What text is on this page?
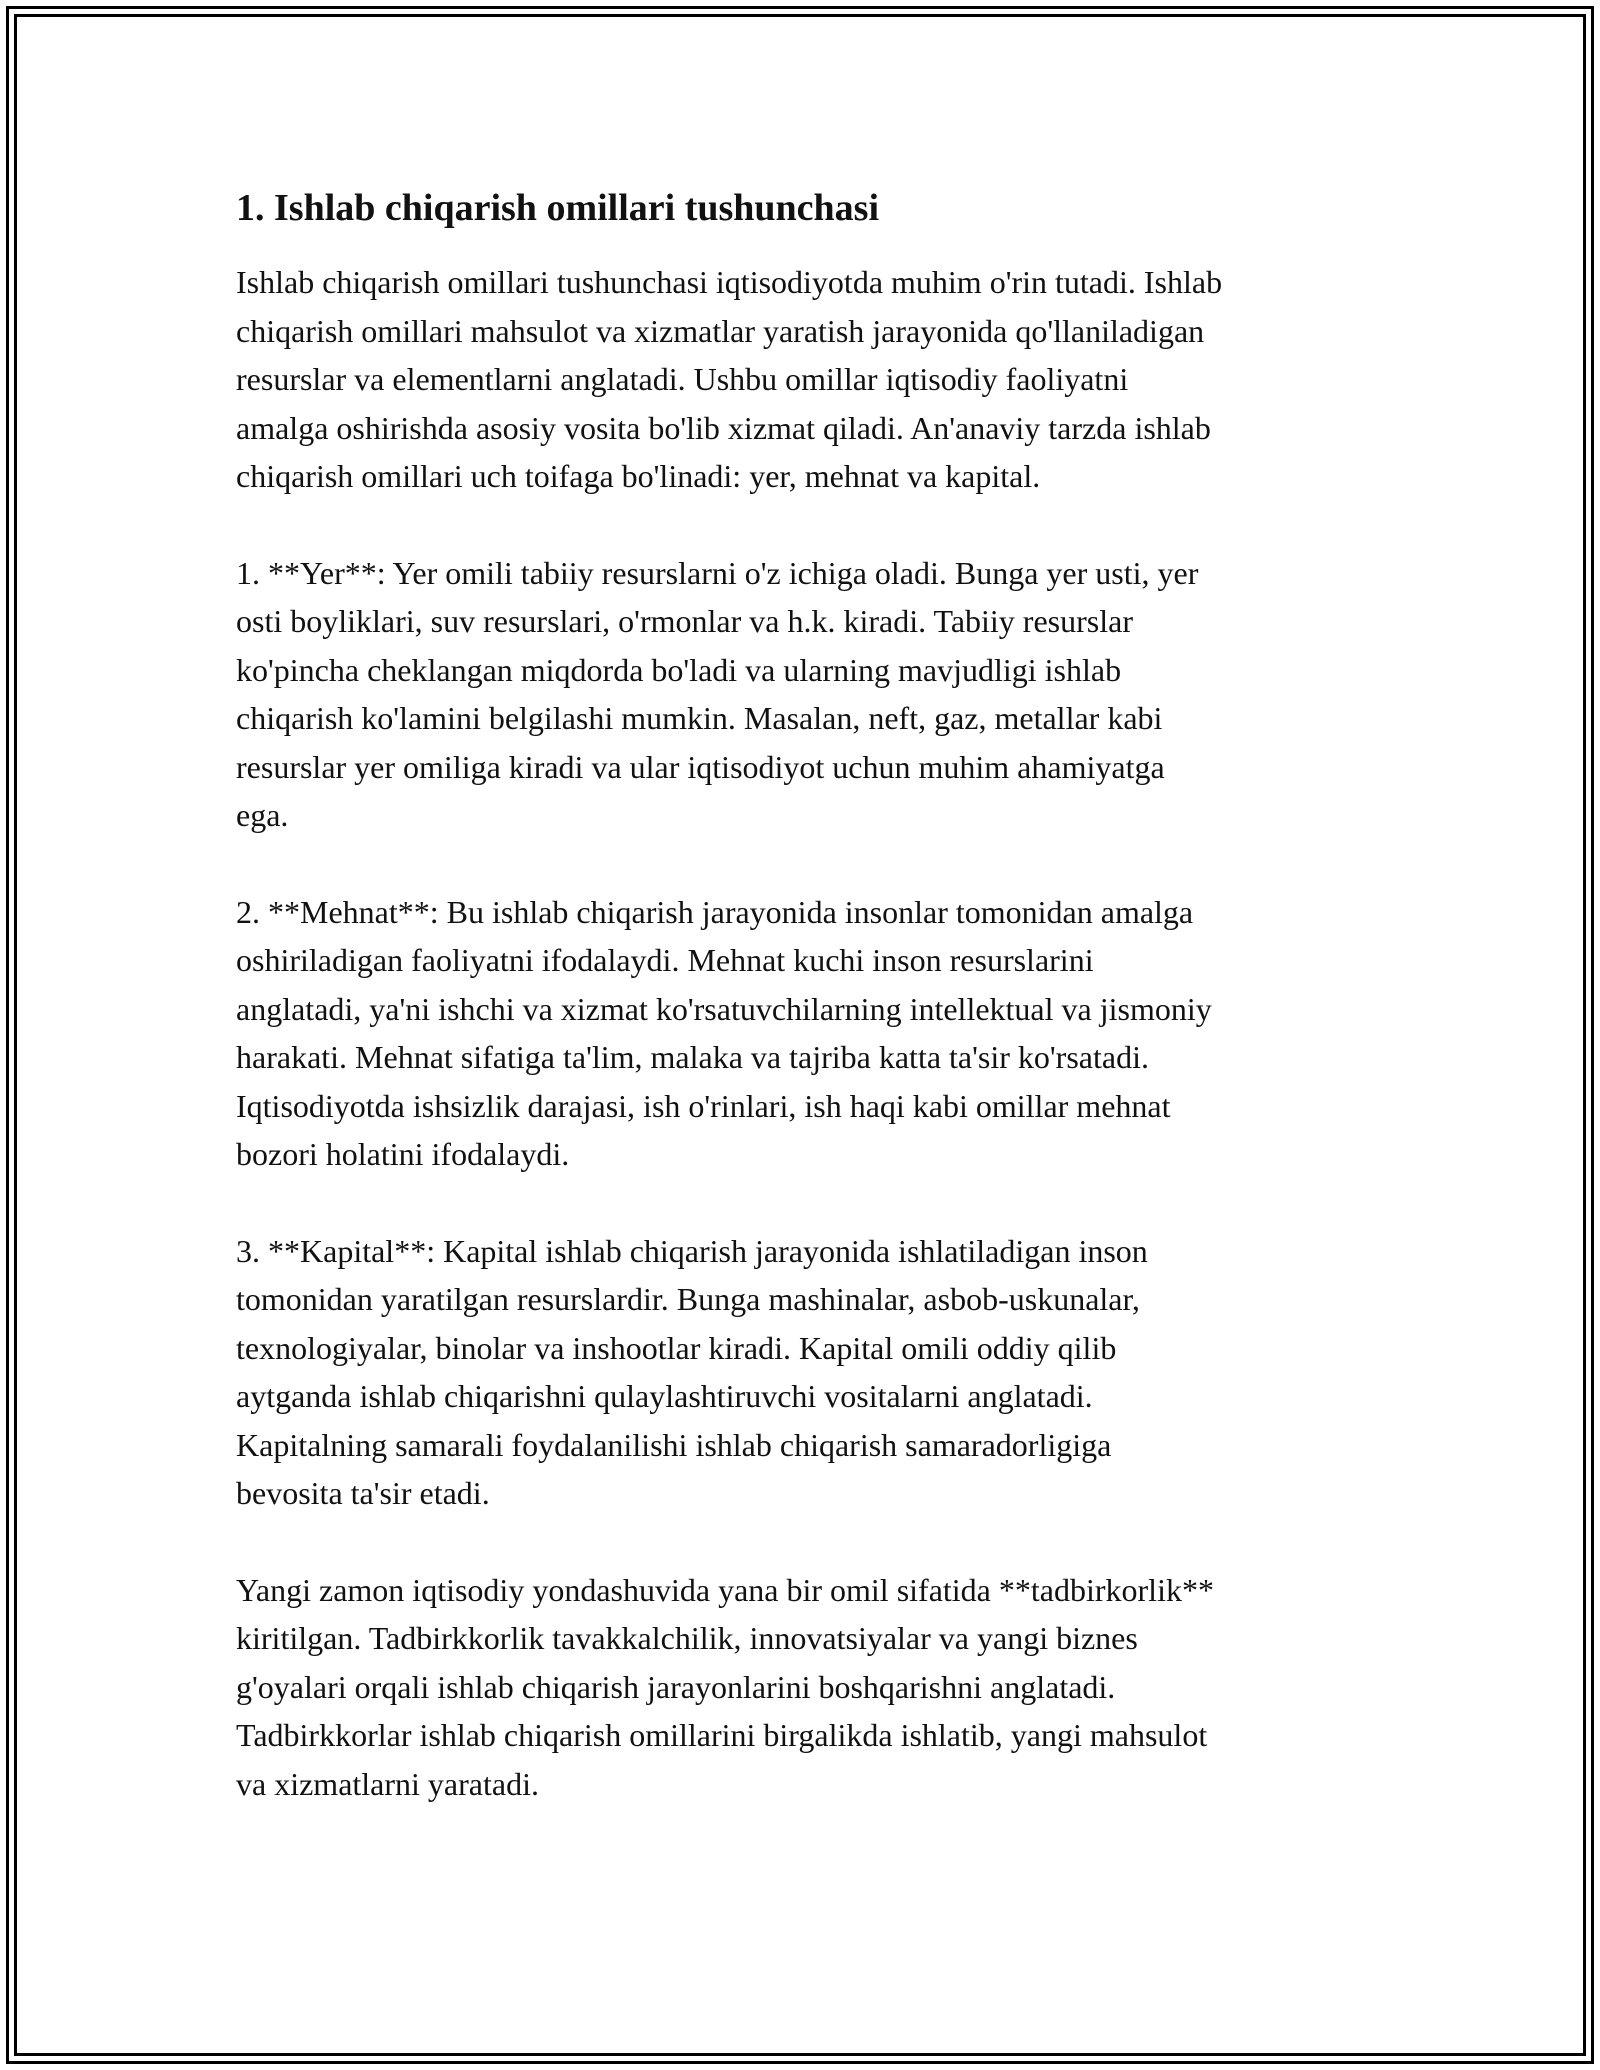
1. Ishlab chiqarish omillari tushunchasi

Ishlab chiqarish omillari tushunchasi iqtisodiyotda muhim o'rin tutadi. Ishlab
chiqarish omillari mahsulot va xizmatlar yaratish jarayonida qo'llaniladigan
resurslar va elementlarni anglatadi. Ushbu omillar iqtisodiy faoliyatni
amalga oshirishda asosiy vosita bo'lib xizmat qiladi. An'anaviy tarzda ishlab
chiqarish omillari uch toifaga bo'linadi: yer, mehnat va kapital.

1. **Yer**: Yer omili tabiiy resurslarni o'z ichiga oladi. Bunga yer usti, yer
osti boyliklari, suv resurslari, o'rmonlar va h.k. kiradi. Tabiiy resurslar
ko'pincha cheklangan miqdorda bo'ladi va ularning mavjudligi ishlab
chiqarish ko'lamini belgilashi mumkin. Masalan, neft, gaz, metallar kabi
resurslar yer omiliga kiradi va ular iqtisodiyot uchun muhim ahamiyatga
ega.

2. **Mehnat**: Bu ishlab chiqarish jarayonida insonlar tomonidan amalga
oshiriladigan faoliyatni ifodalaydi. Mehnat kuchi inson resurslarini
anglatadi, ya'ni ishchi va xizmat ko'rsatuvchilarning intellektual va jismoniy
harakati. Mehnat sifatiga ta'lim, malaka va tajriba katta ta'sir ko'rsatadi.
Iqtisodiyotda ishsizlik darajasi, ish o'rinlari, ish haqi kabi omillar mehnat
bozori holatini ifodalaydi.

3. **Kapital**: Kapital ishlab chiqarish jarayonida ishlatiladigan inson
tomonidan yaratilgan resurslardir. Bunga mashinalar, asbob-uskunalar,
texnologiyalar, binolar va inshootlar kiradi. Kapital omili oddiy qilib
aytganda ishlab chiqarishni qulaylashtiruvchi vositalarni anglatadi.
Kapitalning samarali foydalanilishi ishlab chiqarish samaradorligiga
bevosita ta'sir etadi.

Yangi zamon iqtisodiy yondashuvida yana bir omil sifatida **tadbirkorlik**
kiritilgan. Tadbirkkorlik tavakkalchilik, innovatsiyalar va yangi biznes
g'oyalari orqali ishlab chiqarish jarayonlarini boshqarishni anglatadi.
Tadbirkkorlar ishlab chiqarish omillarini birgalikda ishlatib, yangi mahsulot
va xizmatlarni yaratadi.
